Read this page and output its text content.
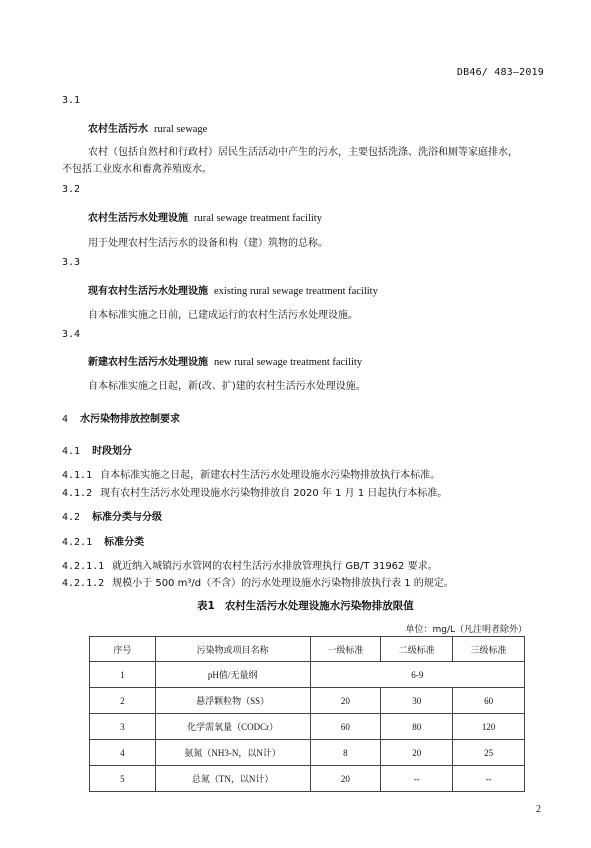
DB46/ 483—2019
3.1
农村生活污水 rural sewage
农村（包括自然村和行政村）居民生活活动中产生的污水，主要包括洗涤、洗浴和厕等家庭排水，
不包括工业废水和畜禽养殖废水。
3.2
农村生活污水处理设施 rural sewage treatment facility
用于处理农村生活污水的设备和构（建）筑物的总称。
3.3
现有农村生活污水处理设施 existing rural sewage treatment facility
自本标准实施之日前，已建成运行的农村生活污水处理设施。
3.4
新建农村生活污水处理设施 new rural sewage treatment facility
自本标准实施之日起，新(改、扩)建的农村生活污水处理设施。
4 水污染物排放控制要求
4.1 时段划分
4.1.1 自本标准实施之日起，新建农村生活污水处理设施水污染物排放执行本标准。
4.1.2 现有农村生活污水处理设施水污染物排放自 2020 年 1 月 1 日起执行本标准。
4.2 标准分类与分级
4.2.1 标准分类
4.2.1.1 就近纳入城镇污水管网的农村生活污水排放管理执行 GB/T 31962 要求。
4.2.1.2 规模小于 500 m³/d（不含）的污水处理设施水污染物排放执行表 1 的规定。
表1 农村生活污水处理设施水污染物排放限值
单位：mg/L（凡注明者除外）
序号	污染物或项目名称	一级标准	二级标准	三级标准
1	pH值/无量纲	6-9		
2	悬浮颗粒物（SS）	20	30	60
3	化学需氧量（CODCr）	60	80	120
4	氨氮（NH3-N，以N计）	8	20	25
5	总氮（TN，以N计）	20	--	--
2
